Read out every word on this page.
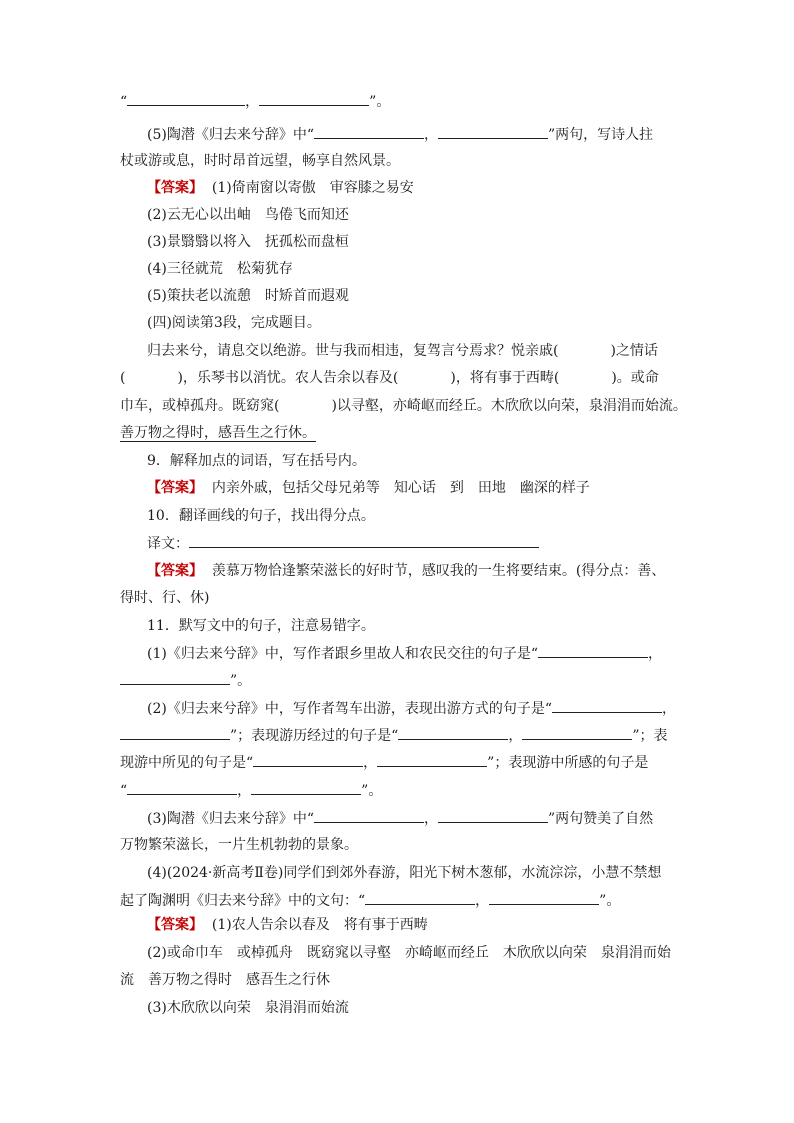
“	，	”。
(5)陶潜《归去来兮辞》中“	，	”两句，写诗人拄
杖或游或息，时时昂首远望，畅享自然风景。
【答案】 (1)倚南窗以寄傲　审容膝之易安
(2)云无心以出岫　鸟倦飞而知还
(3)景翳翳以将入　抚孤松而盘桓
(4)三径就荒　松菊犹存
(5)策扶老以流憩　时矫首而遐观
(四)阅读第3段，完成题目。
归去来兮，请息交以绝游。世与我而相违，复驾言兮焉求？悦亲戚(	)之情话
(	)，乐琴书以消忧。农人告余以春及(	)，将有事于西畴(	)。或命
巾车，或棹孤舟。既窈窕(	)以寻壑，亦崎岖而经丘。木欣欣以向荣，泉涓涓而始流。
善万物之得时，感吾生之行休。
9．解释加点的词语，写在括号内。
【答案】 内亲外戚，包括父母兄弟等　知心话　到　田地　幽深的样子
10．翻译画线的句子，找出得分点。
译文：
【答案】 羡慕万物恰逢繁荣滋长的好时节，感叹我的一生将要结束。(得分点：善、
得时、行、休)
11．默写文中的句子，注意易错字。
(1)《归去来兮辞》中，写作者跟乡里故人和农民交往的句子是“	，
”。
(2)《归去来兮辞》中，写作者驾车出游，表现出游方式的句子是“	，
”；表现游历经过的句子是“	，	”；表
现游中所见的句子是“	，	”；表现游中所感的句子是
“	，	”。
(3)陶潜《归去来兮辞》中“	，	”两句赞美了自然
万物繁荣滋长，一片生机勃勃的景象。
(4)(2024·新高考Ⅱ卷)同学们到郊外春游，阳光下树木葱郁，水流淙淙，小慧不禁想
起了陶渊明《归去来兮辞》中的文句：“	，	”。
【答案】 (1)农人告余以春及　将有事于西畴
(2)或命巾车　或棹孤舟　既窈窕以寻壑　亦崎岖而经丘　木欣欣以向荣　泉涓涓而始
流　善万物之得时　感吾生之行休
(3)木欣欣以向荣　泉涓涓而始流
